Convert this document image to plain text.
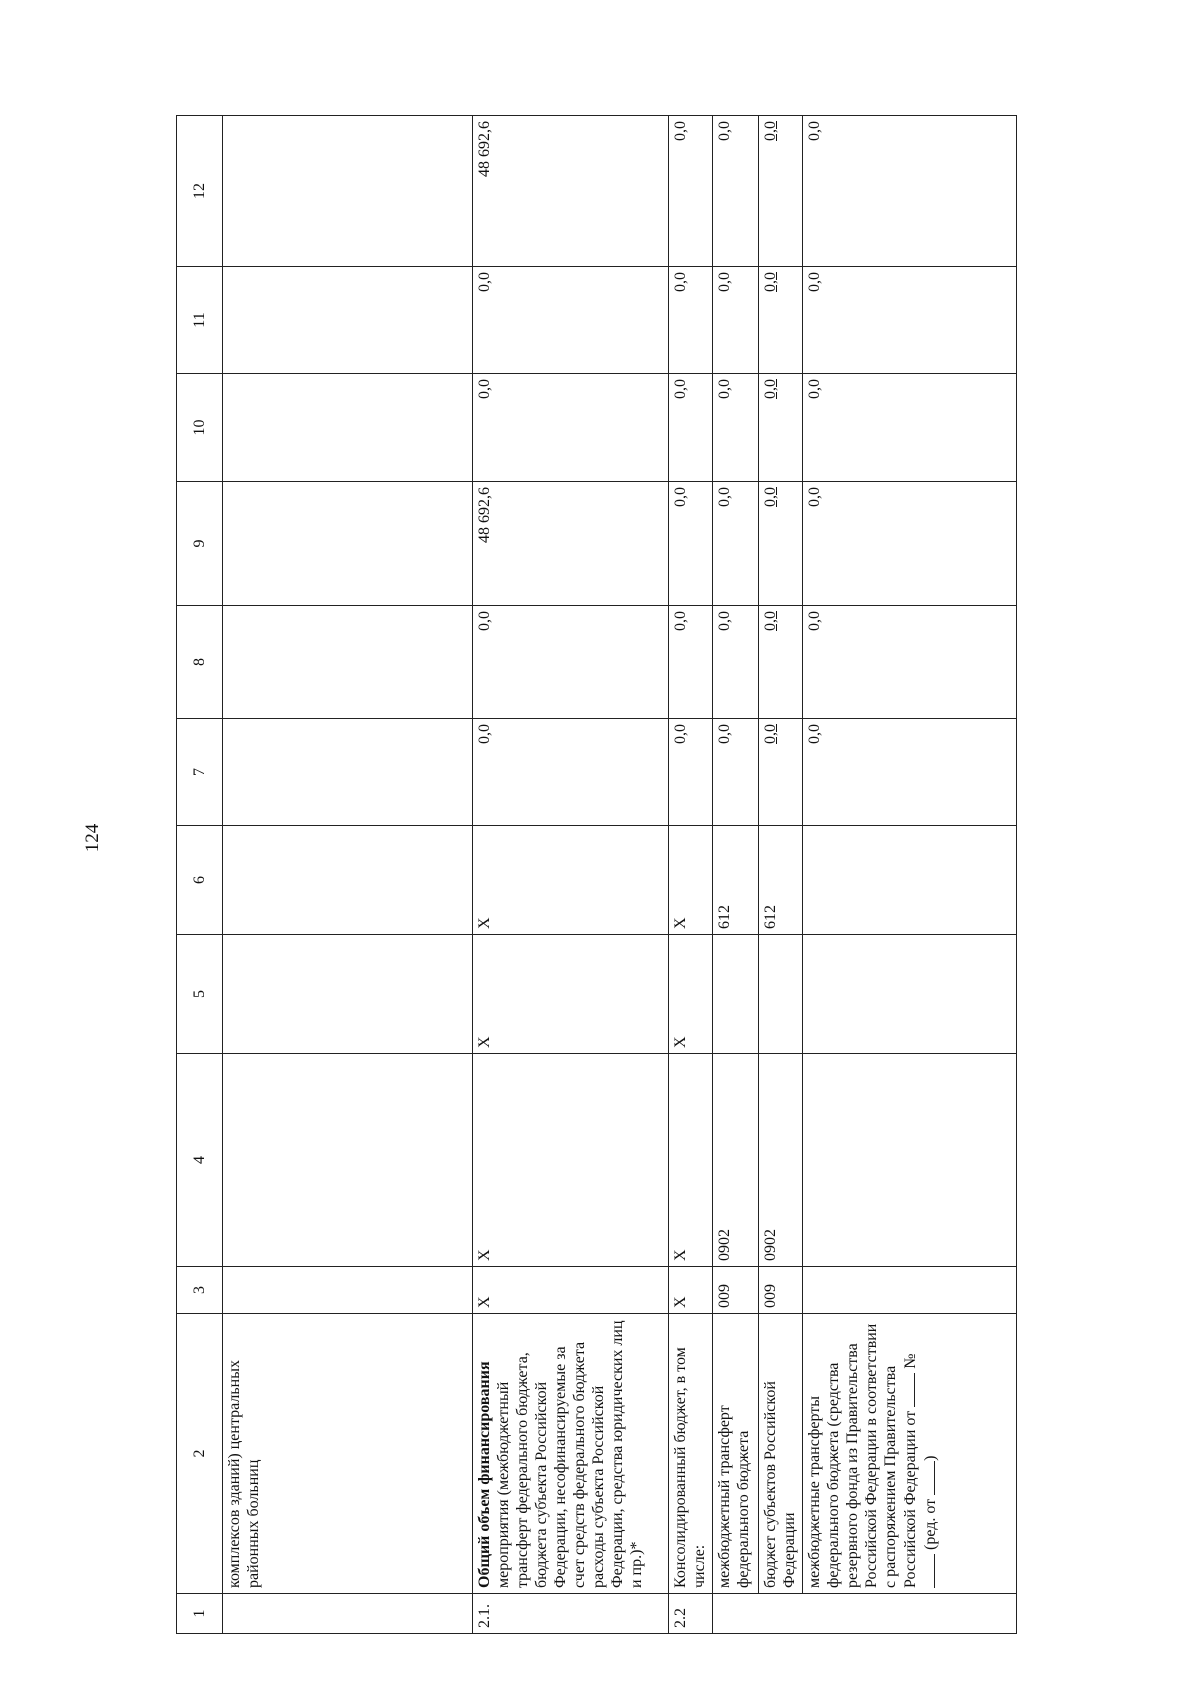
124
1	2	3	4	5	6	7	8	9	10	11	12
	комплексов зданий) центральных районных больниц										
2.1.	Общий объем финансирования мероприятия (межбюджетный трансферт федерального бюджета, бюджета субъекта Российской Федерации, несофинансируемые за счет средств федерального бюджета расходы субъекта Российской Федерации, средства юридических лиц и пр.)*	Х	Х	Х	Х	0,0	0,0	48 692,6	0,0	0,0	48 692,6
2.2	Консолидированный бюджет, в том числе:	Х	Х	Х	Х	0,0	0,0	0,0	0,0	0,0	0,0
	межбюджетный трансферт федерального бюджета	009	0902		612	0,0	0,0	0,0	0,0	0,0	0,0
	бюджет субъектов Российской Федерации	009	0902		612	0,0	0,0	0,0	0,0	0,0	0,0
	межбюджетные трансферты федерального бюджета (средства резервного фонда из Правительства Российской Федерации в соответствии с распоряжением Правительства Российской Федерации от  №  (ред. от )					0,0	0,0	0,0	0,0	0,0	0,0
